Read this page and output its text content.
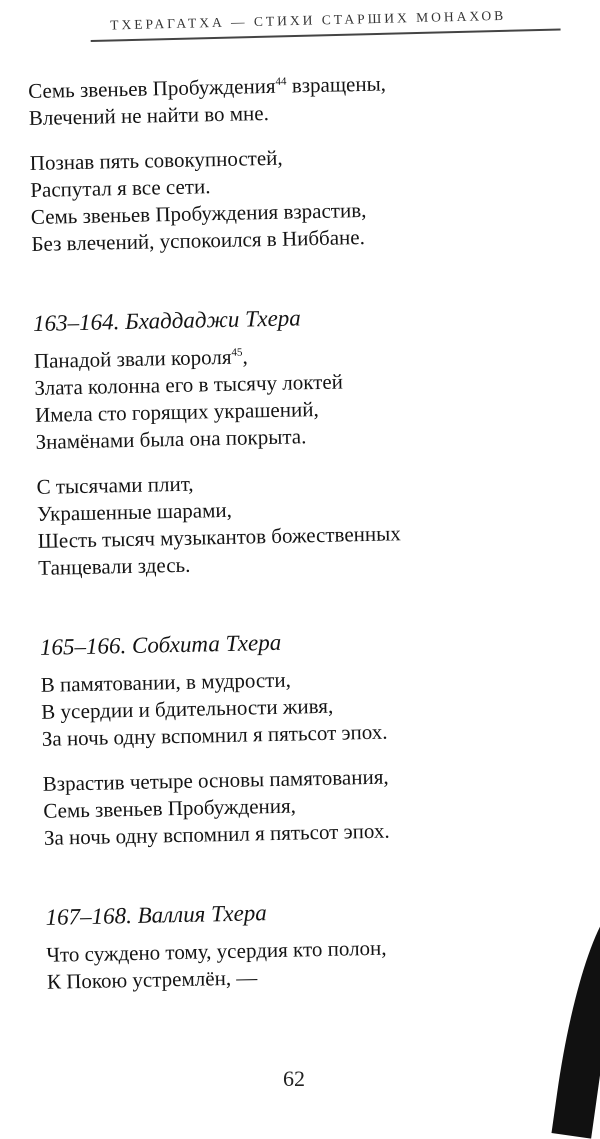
ТХЕРАГАТХА — СТИХИ СТАРШИХ МОНАХОВ
Семь звеньев Пробуждения$^{44}$ взращены,
Влечений не найти во мне.
Познав пять совокупностей,
Распутал я все сети.
Семь звеньев Пробуждения взрастив,
Без влечений, успокоился в Ниббане.
163–164. Бхаддаджи Тхера
Панадой звали короля$^{45}$,
Злата колонна его в тысячу локтей
Имела сто горящих украшений,
Знамёнами была она покрыта.
С тысячами плит,
Украшенные шарами,
Шесть тысяч музыкантов божественных
Танцевали здесь.
165–166. Собхита Тхера
В памятовании, в мудрости,
В усердии и бдительности живя,
За ночь одну вспомнил я пятьсот эпох.
Взрастив четыре основы памятования,
Семь звеньев Пробуждения,
За ночь одну вспомнил я пятьсот эпох.
167–168. Валлия Тхера
Что суждено тому, усердия кто полон,
К Покою устремлён, —
62
